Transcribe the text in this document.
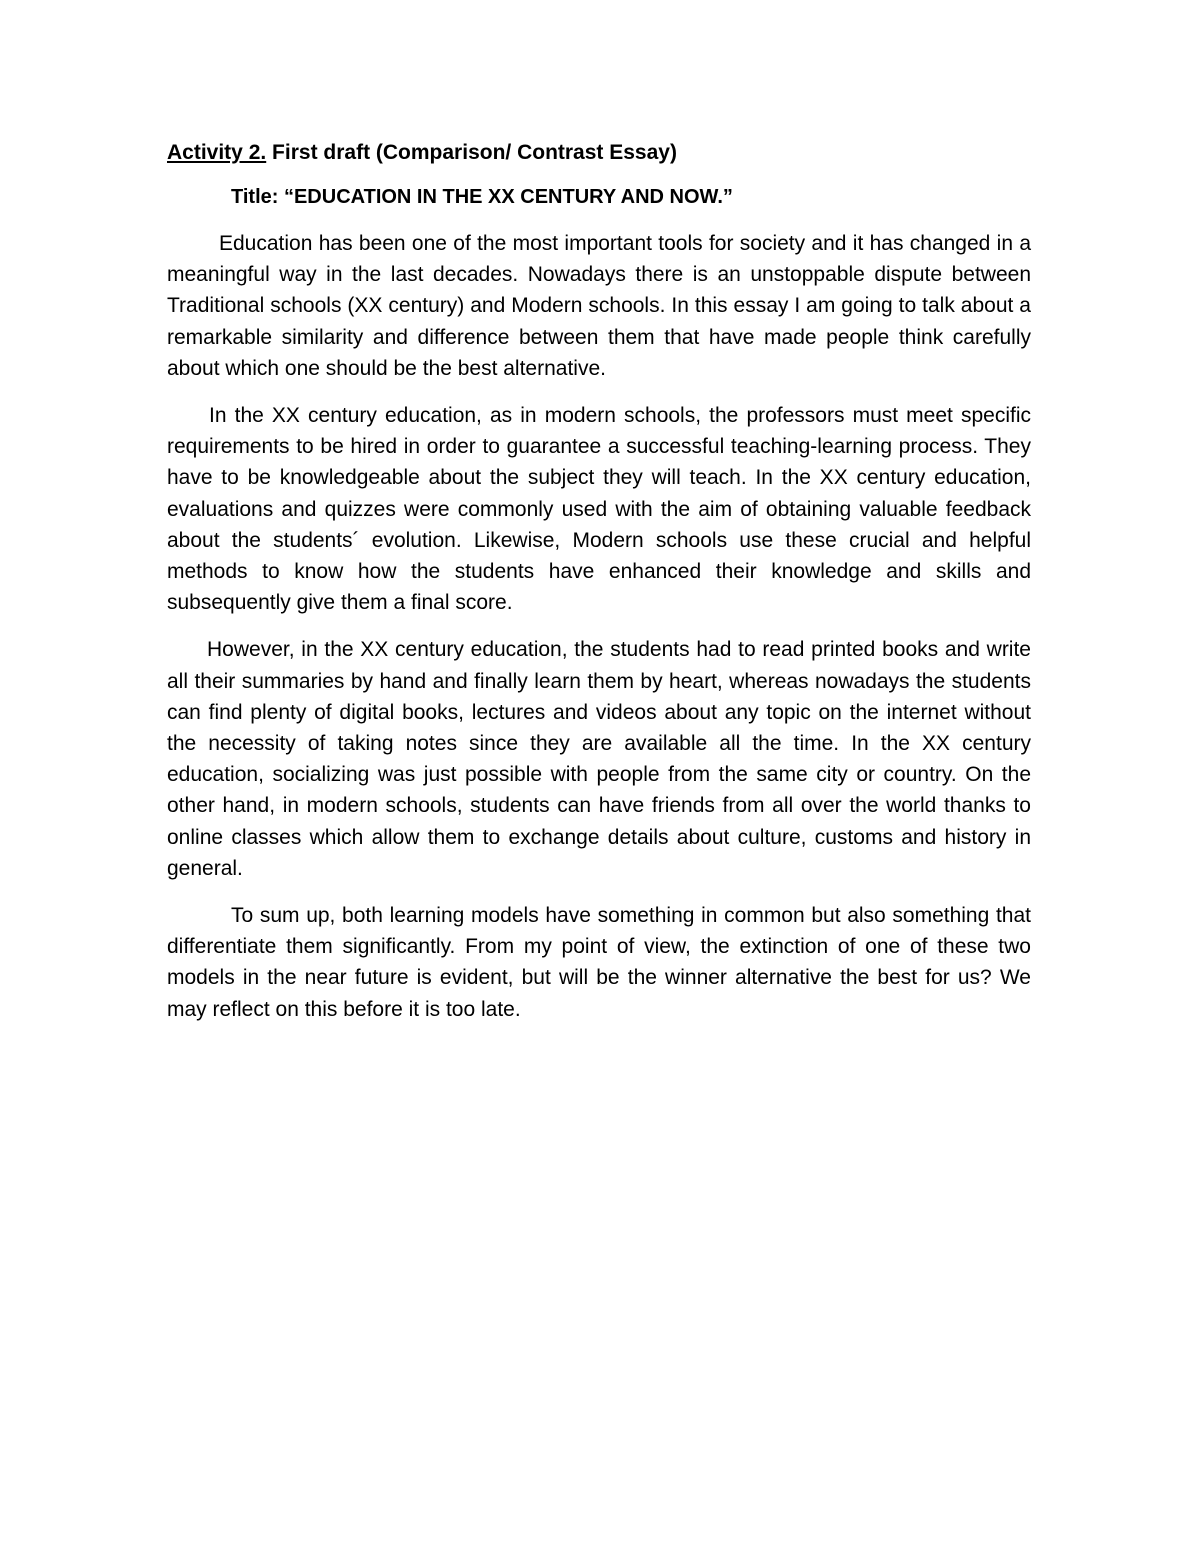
Activity 2. First draft (Comparison/ Contrast Essay)
Title: “EDUCATION IN THE XX CENTURY AND NOW.”

Education has been one of the most important tools for society and it has changed in a meaningful way in the last decades. Nowadays there is an unstoppable dispute between Traditional schools (XX century) and Modern schools. In this essay I am going to talk about a remarkable similarity and difference between them that have made people think carefully about which one should be the best alternative.

In the XX century education, as in modern schools, the professors must meet specific requirements to be hired in order to guarantee a successful teaching-learning process. They have to be knowledgeable about the subject they will teach. In the XX century education, evaluations and quizzes were commonly used with the aim of obtaining valuable feedback about the students´ evolution. Likewise, Modern schools use these crucial and helpful methods to know how the students have enhanced their knowledge and skills and subsequently give them a final score.

However, in the XX century education, the students had to read printed books and write all their summaries by hand and finally learn them by heart, whereas nowadays the students can find plenty of digital books, lectures and videos about any topic on the internet without the necessity of taking notes since they are available all the time. In the XX century education, socializing was just possible with people from the same city or country. On the other hand, in modern schools, students can have friends from all over the world thanks to online classes which allow them to exchange details about culture, customs and history in general.

To sum up, both learning models have something in common but also something that differentiate them significantly. From my point of view, the extinction of one of these two models in the near future is evident, but will be the winner alternative the best for us? We may reflect on this before it is too late.
